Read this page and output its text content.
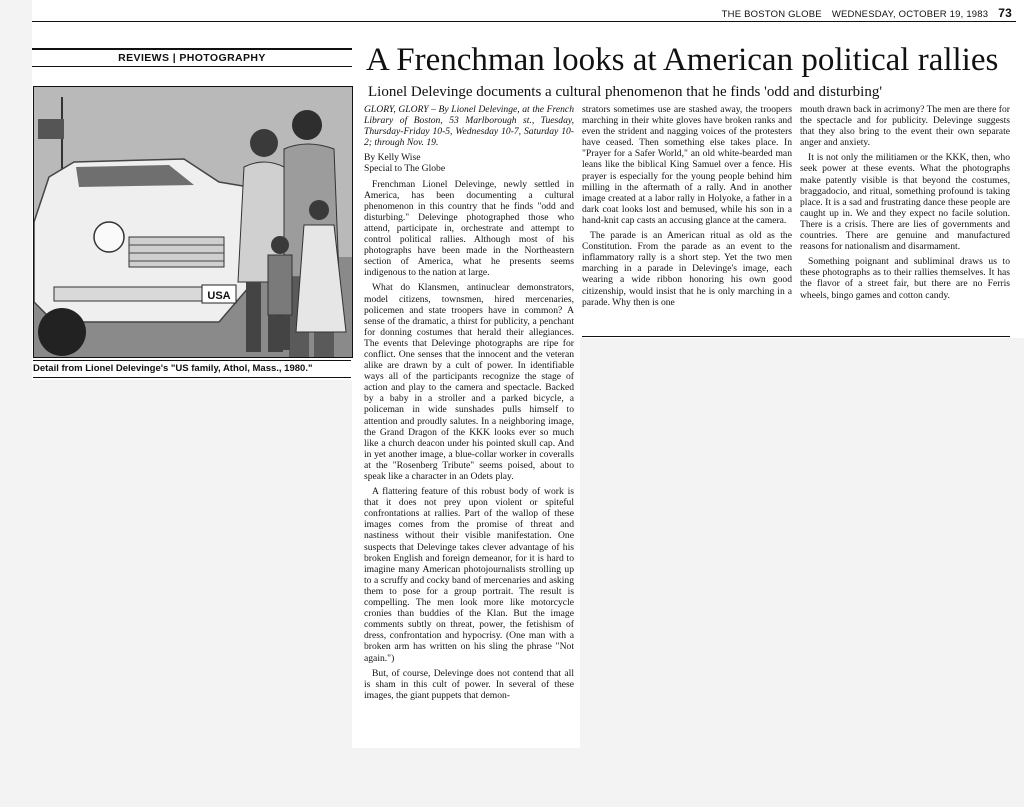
THE BOSTON GLOBE WEDNESDAY, OCTOBER 19, 1983 73
REVIEWS | PHOTOGRAPHY
USA
Detail from Lionel Delevinge's "US family, Athol, Mass., 1980."
A Frenchman looks at American political rallies
Lionel Delevinge documents a cultural phenomenon that he finds 'odd and disturbing'

GLORY, GLORY – By Lionel Delevinge, at the French Library of Boston, 53 Marlborough st., Tuesday, Thursday-Friday 10-5, Wednesday 10-7, Saturday 10-2; through Nov. 19.

By Kelly Wise
Special to The Globe

Frenchman Lionel Delevinge, newly settled in America, has been documenting a cultural phenomenon in this country that he finds "odd and disturbing." Delevinge photographed those who attend, participate in, orchestrate and attempt to control political rallies. Although most of his photographs have been made in the Northeastern section of America, what he presents seems indigenous to the nation at large.

What do Klansmen, antinuclear demonstrators, model citizens, townsmen, hired mercenaries, policemen and state troopers have in common? A sense of the dramatic, a thirst for publicity, a penchant for donning costumes that herald their allegiances. The events that Delevinge photographs are ripe for conflict. One senses that the innocent and the veteran alike are drawn by a cult of power. In identifiable ways all of the participants recognize the stage of action and play to the camera and spectacle. Backed by a baby in a stroller and a parked bicycle, a policeman in wide sunshades pulls himself to attention and proudly salutes. In a neighboring image, the Grand Dragon of the KKK looks ever so much like a church deacon under his pointed skull cap. And in yet another image, a blue-collar worker in coveralls at the "Rosenberg Tribute" seems poised, about to speak like a character in an Odets play.

A flattering feature of this robust body of work is that it does not prey upon violent or spiteful confrontations at rallies. Part of the wallop of these images comes from the promise of threat and nastiness without their visible manifestation. One suspects that Delevinge takes clever advantage of his broken English and foreign demeanor, for it is hard to imagine many American photojournalists strolling up to a scruffy and cocky band of mercenaries and asking them to pose for a group portrait. The result is compelling. The men look more like motorcycle cronies than buddies of the Klan. But the image comments subtly on threat, power, the fetishism of dress, confrontation and hypocrisy. (One man with a broken arm has written on his sling the phrase "Not again.")

But, of course, Delevinge does not contend that all is sham in this cult of power. In several of these images, the giant puppets that demon-

strators sometimes use are stashed away, the troopers marching in their white gloves have broken ranks and even the strident and nagging voices of the protesters have ceased. Then something else takes place. In "Prayer for a Safer World," an old white-bearded man leans like the biblical King Samuel over a fence. His prayer is especially for the young people behind him milling in the aftermath of a rally. And in another image created at a labor rally in Holyoke, a father in a dark coat looks lost and bemused, while his son in a hand-knit cap casts an accusing glance at the camera.

The parade is an American ritual as old as the Constitution. From the parade as an event to the inflammatory rally is a short step. Yet the two men marching in a parade in Delevinge's image, each wearing a wide ribbon honoring his own good citizenship, would insist that he is only marching in a parade. Why then is one

mouth drawn back in acrimony? The men are there for the spectacle and for publicity. Delevinge suggests that they also bring to the event their own separate anger and anxiety.

It is not only the militiamen or the KKK, then, who seek power at these events. What the photographs make patently visible is that beyond the costumes, braggadocio, and ritual, something profound is taking place. It is a sad and frustrating dance these people are caught up in. We and they expect no facile solution. There is a crisis. There are lies of governments and countries. There are genuine and manufactured reasons for nationalism and disarmament.

Something poignant and subliminal draws us to these photographs as to their rallies themselves. It has the flavor of a street fair, but there are no Ferris wheels, bingo games and cotton candy.
